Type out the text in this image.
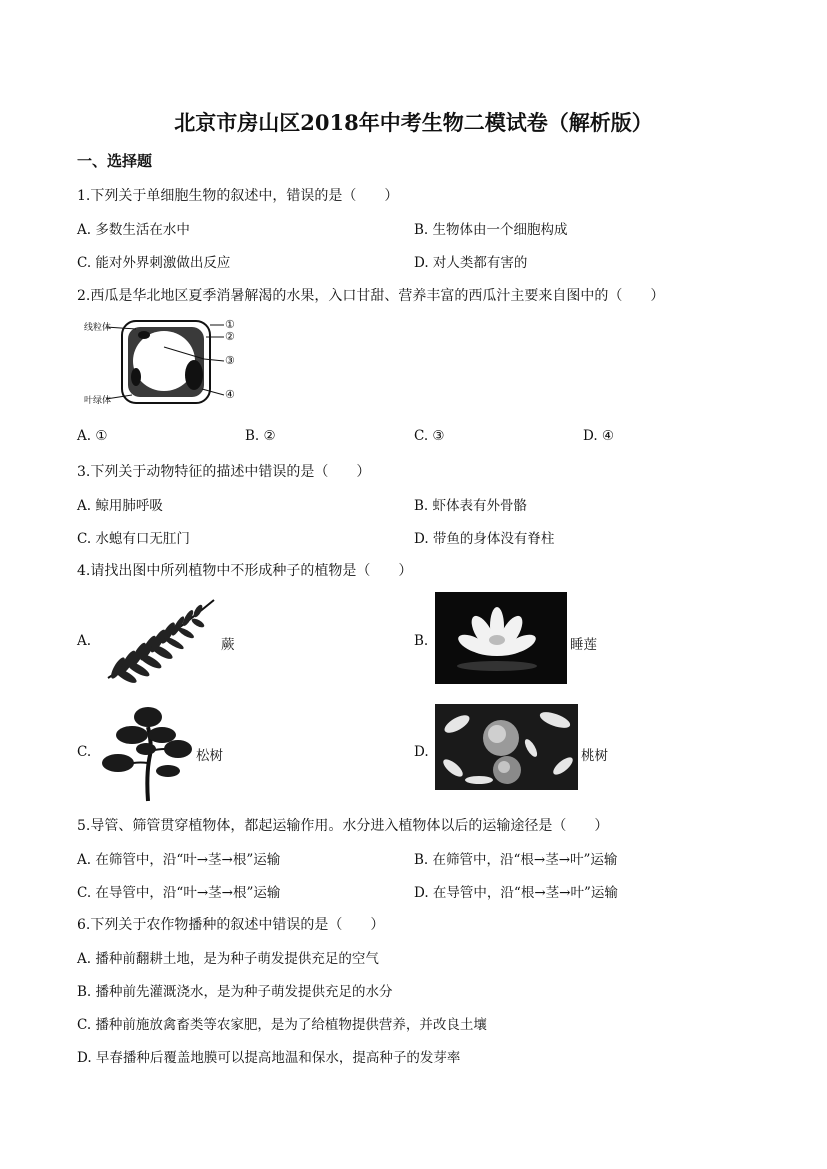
北京市房山区2018年中考生物二模试卷（解析版）
一、选择题
1.下列关于单细胞生物的叙述中，错误的是（　　）
A. 多数生活在水中	B. 生物体由一个细胞构成
C. 能对外界刺激做出反应	D. 对人类都有害的
2.西瓜是华北地区夏季消暑解渴的水果，入口甘甜、营养丰富的西瓜汁主要来自图中的（　　）
线粒体
叶绿体
①
②
③
④
A. ①	B. ②	C. ③	D. ④
3.下列关于动物特征的描述中错误的是（　　）
A. 鲸用肺呼吸	B. 虾体表有外骨骼
C. 水螅有口无肛门	D. 带鱼的身体没有脊柱
4.请找出图中所列植物中不形成种子的植物是（　　）
A.	蕨	B.	睡莲
C.	松树	D.	桃树
5.导管、筛管贯穿植物体，都起运输作用。水分进入植物体以后的运输途径是（　　）
A. 在筛管中，沿“叶→茎→根”运输	B. 在筛管中，沿“根→茎→叶”运输
C. 在导管中，沿“叶→茎→根”运输	D. 在导管中，沿“根→茎→叶”运输
6.下列关于农作物播种的叙述中错误的是（　　）
A. 播种前翻耕土地，是为种子萌发提供充足的空气
B. 播种前先灌溉浇水，是为种子萌发提供充足的水分
C. 播种前施放禽畜类等农家肥，是为了给植物提供营养，并改良土壤
D. 早春播种后覆盖地膜可以提高地温和保水，提高种子的发芽率
